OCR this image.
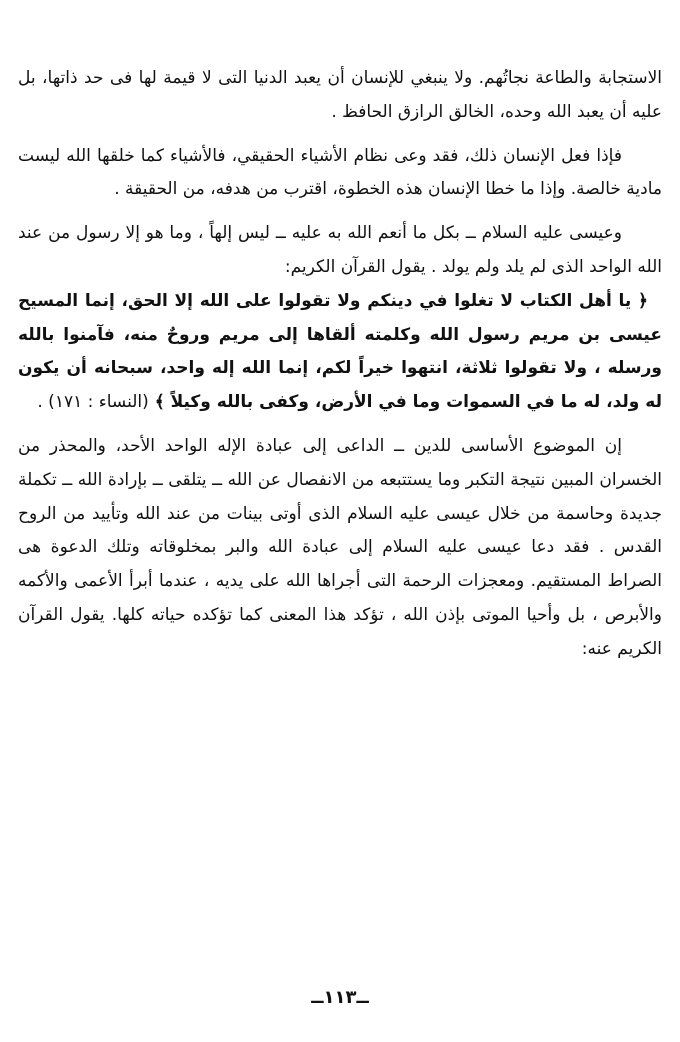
الاستجابة والطاعة نجاتُهم. ولا ينبغي للإنسان أن يعبد الدنيا التى لا قيمة لها فى حد ذاتها، بل عليه أن يعبد الله وحده، الخالق الرازق الحافظ .

فإذا فعل الإنسان ذلك، فقد وعى نظام الأشياء الحقيقي، فالأشياء كما خلقها الله ليست مادية خالصة. وإذا ما خطا الإنسان هذه الخطوة، اقترب من هدفه، من الحقيقة .

وعيسى عليه السلام ــ بكل ما أنعم الله به عليه ــ ليس إلهاً ، وما هو إلا رسول من عند الله الواحد الذى لم يلد ولم يولد . يقول القرآن الكريم:

﴿ يا أهل الكتاب لا تغلوا في دينكم ولا تقولوا على الله إلا الحق، إنما المسيح عيسى بن مريم رسول الله وكلمته ألقاها إلى مريم وروحٌ منه، فآمنوا بالله ورسله ، ولا تقولوا ثلاثة، انتهوا خيراً لكم، إنما الله إله واحد، سبحانه أن يكون له ولد، له ما في السموات وما في الأرض، وكفى بالله وكيلاً ﴾ (النساء : ١٧١) .

إن الموضوع الأساسى للدين ــ الداعى إلى عبادة الإله الواحد الأحد، والمحذر من الخسران المبين نتيجة التكبر وما يستتبعه من الانفصال عن الله ــ يتلقى ــ بإرادة الله ــ تكملة جديدة وحاسمة من خلال عيسى عليه السلام الذى أوتى بينات من عند الله وتأييد من الروح القدس . فقد دعا عيسى عليه السلام إلى عبادة الله والبر بمخلوقاته وتلك الدعوة هى الصراط المستقيم. ومعجزات الرحمة التى أجراها الله على يديه ، عندما أبرأ الأعمى والأكمه والأبرص ، بل وأحيا الموتى بإذن الله ، تؤكد هذا المعنى كما تؤكده حياته كلها. يقول القرآن الكريم عنه:

ــ١١٣ــ
